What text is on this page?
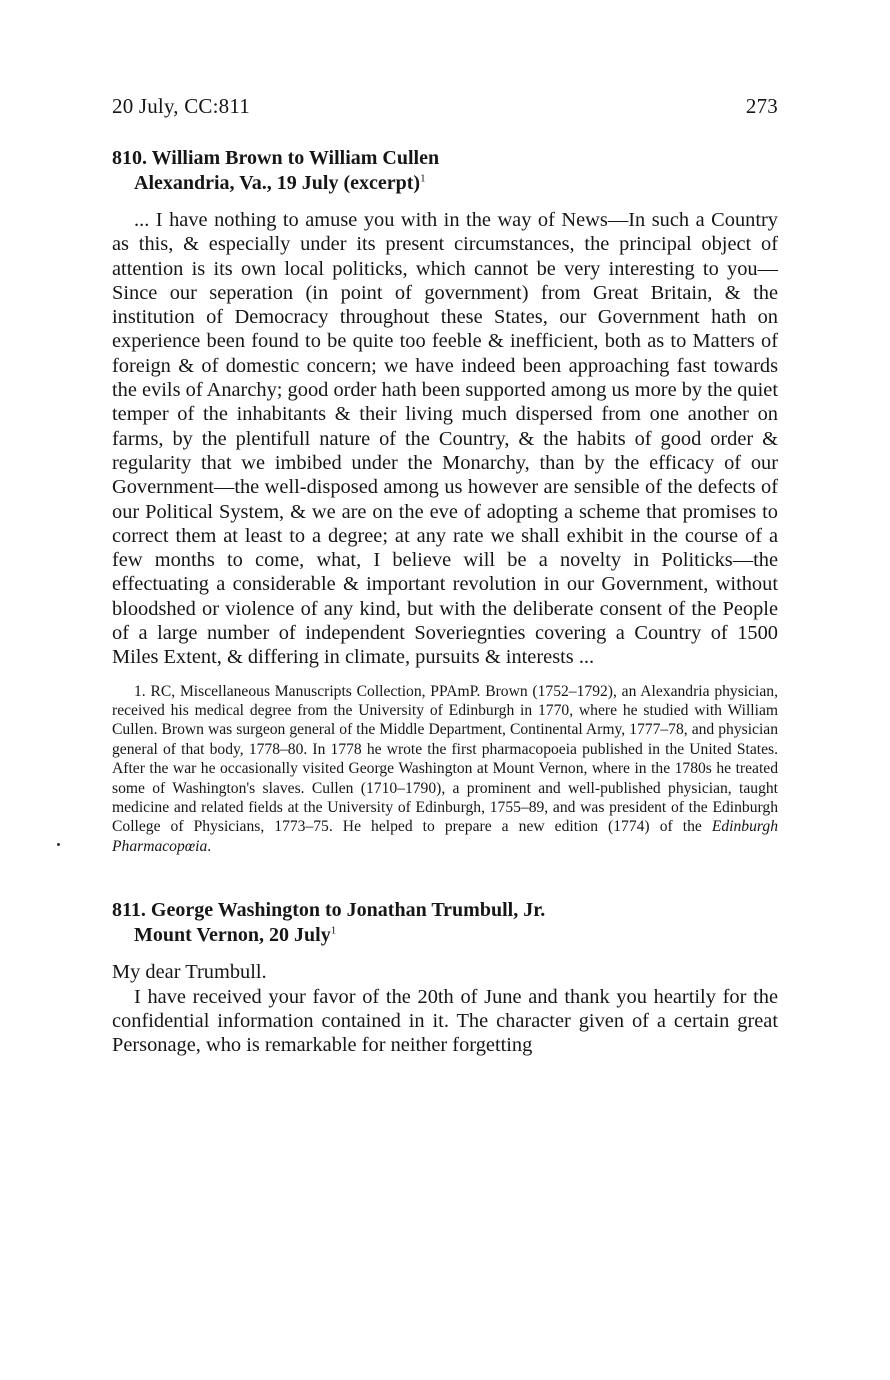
20 July, CC:811	273
810. William Brown to William Cullen
Alexandria, Va., 19 July (excerpt)$^1$

... I have nothing to amuse you with in the way of News—In such a Country as this, & especially under its present circumstances, the principal object of attention is its own local politicks, which cannot be very interesting to you—Since our seperation (in point of government) from Great Britain, & the institution of Democracy throughout these States, our Government hath on experience been found to be quite too feeble & inefficient, both as to Matters of foreign & of domestic concern; we have indeed been approaching fast towards the evils of Anarchy; good order hath been supported among us more by the quiet temper of the inhabitants & their living much dispersed from one another on farms, by the plentifull nature of the Country, & the habits of good order & regularity that we imbibed under the Monarchy, than by the efficacy of our Government—the well-disposed among us however are sensible of the defects of our Political System, & we are on the eve of adopting a scheme that promises to correct them at least to a degree; at any rate we shall exhibit in the course of a few months to come, what, I believe will be a novelty in Politicks—the effectuating a considerable & important revolution in our Government, without bloodshed or violence of any kind, but with the deliberate consent of the People of a large number of independent Soveriegnties covering a Country of 1500 Miles Extent, & differing in climate, pursuits & interests ...

1. RC, Miscellaneous Manuscripts Collection, PPAmP. Brown (1752–1792), an Alexandria physician, received his medical degree from the University of Edinburgh in 1770, where he studied with William Cullen. Brown was surgeon general of the Middle Department, Continental Army, 1777–78, and physician general of that body, 1778–80. In 1778 he wrote the first pharmacopoeia published in the United States. After the war he occasionally visited George Washington at Mount Vernon, where in the 1780s he treated some of Washington's slaves. Cullen (1710–1790), a prominent and well-published physician, taught medicine and related fields at the University of Edinburgh, 1755–89, and was president of the Edinburgh College of Physicians, 1773–75. He helped to prepare a new edition (1774) of the Edinburgh Pharmacopœia.
811. George Washington to Jonathan Trumbull, Jr.
Mount Vernon, 20 July$^1$

My dear Trumbull.

I have received your favor of the 20th of June and thank you heartily for the confidential information contained in it. The character given of a certain great Personage, who is remarkable for neither forgetting
